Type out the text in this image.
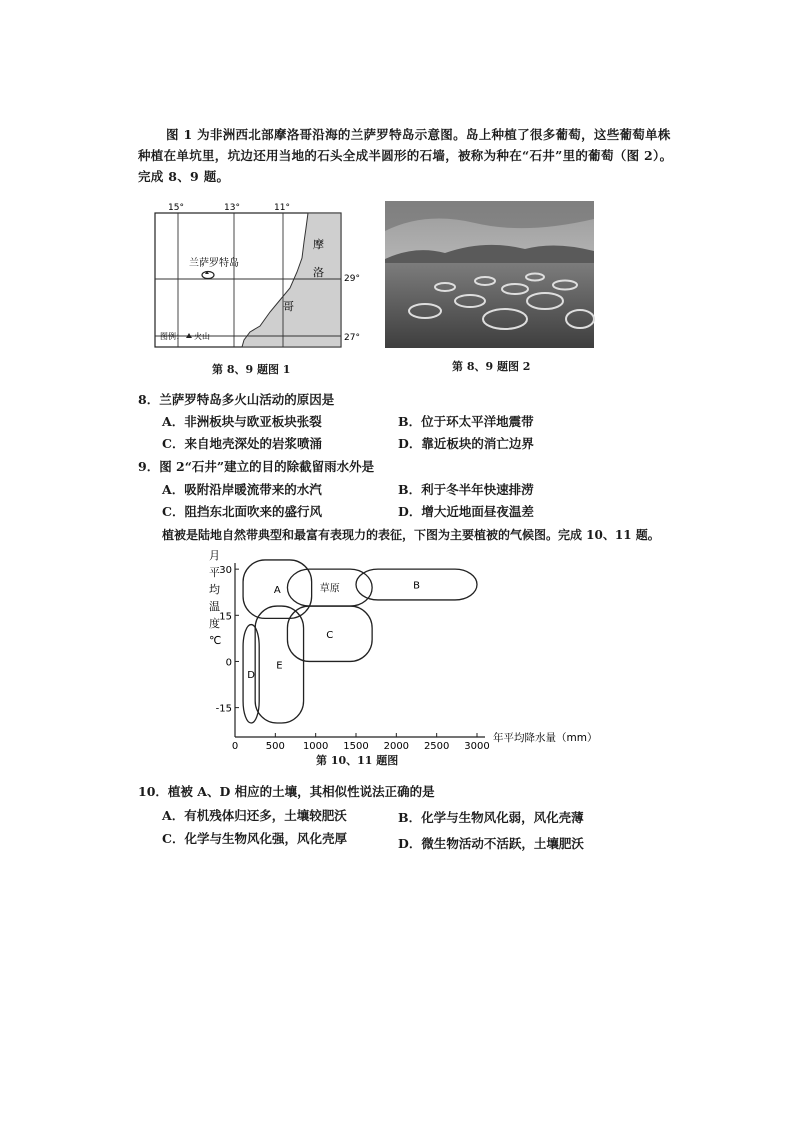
图 1 为非洲西北部摩洛哥沿海的兰萨罗特岛示意图。岛上种植了很多葡萄，这些葡萄单株
种植在单坑里，坑边还用当地的石头全成半圆形的石墙，被称为种在“石井”里的葡萄（图 2）。
完成 8、9 题。
15°	13°	11°
29°
27°
兰萨罗特岛
摩
洛
哥
图例： 火山
第 8、9 题图 1	第 8、9 题图 2
8．兰萨罗特岛多火山活动的原因是
A．非洲板块与欧亚板块张裂	B．位于环太平洋地震带
C．来自地壳深处的岩浆喷涌	D．靠近板块的消亡边界
9．图 2“石井”建立的目的除截留雨水外是
A．吸附沿岸暖流带来的水汽	B．利于冬半年快速排涝
C．阻挡东北面吹来的盛行风	D．增大近地面昼夜温差
植被是陆地自然带典型和最富有表现力的表征，下图为主要植被的气候图。完成 10、11 题。
月
平
均
温
度
℃
30
15
0
-15
0	500 1000 1500 2000 2500 3000
A	草原	B
C
D
E
年平均降水量（mm）
第 10、11 题图
10．植被 A、D 相应的土壤，其相似性说法正确的是
A．有机残体归还多，土壤较肥沃	B．化学与生物风化弱，风化壳薄
C．化学与生物风化强，风化壳厚	D．微生物活动不活跃，土壤肥沃
